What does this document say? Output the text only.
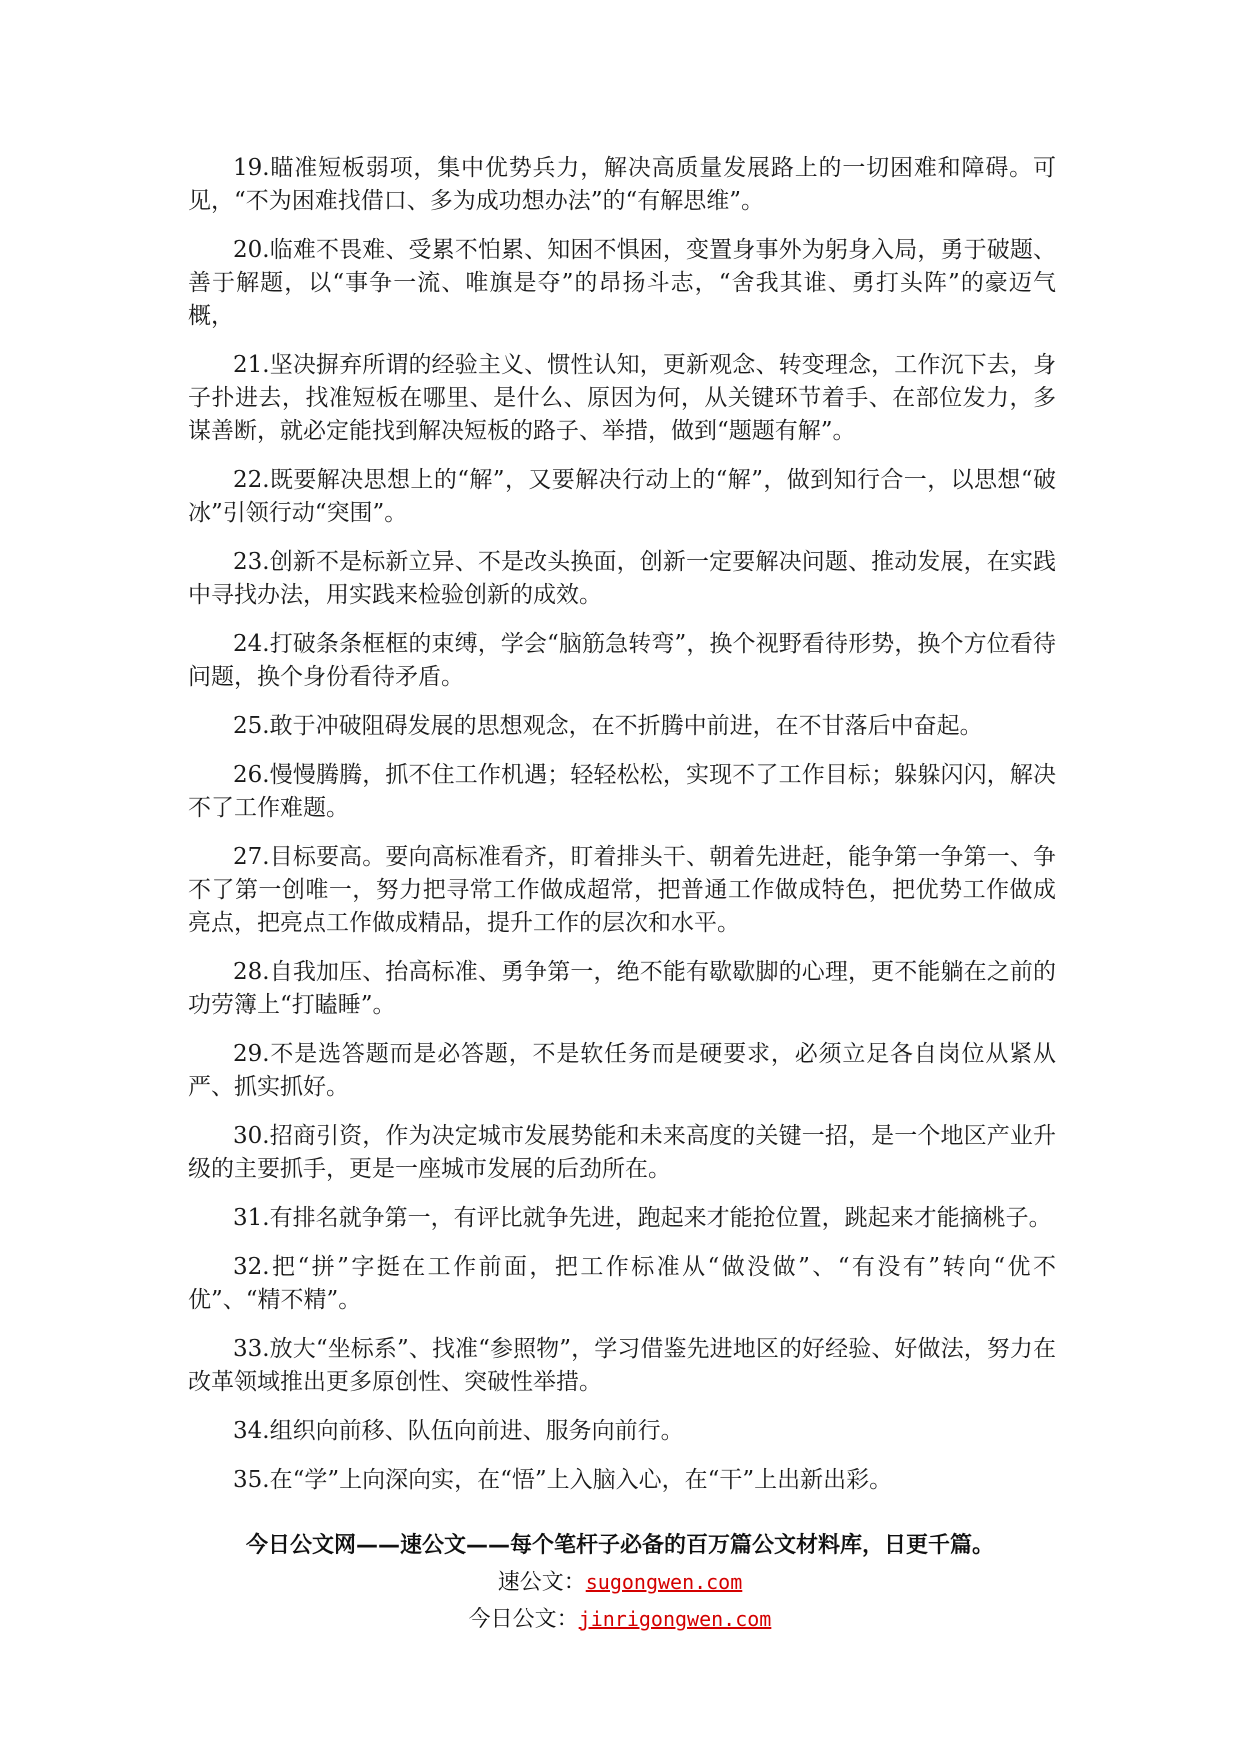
19.瞄准短板弱项，集中优势兵力，解决高质量发展路上的一切困难和障碍。可见，“不为困难找借口、多为成功想办法”的“有解思维”。

20.临难不畏难、受累不怕累、知困不惧困，变置身事外为躬身入局，勇于破题、善于解题，以“事争一流、唯旗是夺”的昂扬斗志，“舍我其谁、勇打头阵”的豪迈气概，

21.坚决摒弃所谓的经验主义、惯性认知，更新观念、转变理念，工作沉下去，身子扑进去，找准短板在哪里、是什么、原因为何，从关键环节着手、在部位发力，多谋善断，就必定能找到解决短板的路子、举措，做到“题题有解”。

22.既要解决思想上的“解”，又要解决行动上的“解”，做到知行合一，以思想“破冰”引领行动“突围”。

23.创新不是标新立异、不是改头换面，创新一定要解决问题、推动发展，在实践中寻找办法，用实践来检验创新的成效。

24.打破条条框框的束缚，学会“脑筋急转弯”，换个视野看待形势，换个方位看待问题，换个身份看待矛盾。

25.敢于冲破阻碍发展的思想观念，在不折腾中前进，在不甘落后中奋起。

26.慢慢腾腾，抓不住工作机遇；轻轻松松，实现不了工作目标；躲躲闪闪，解决不了工作难题。

27.目标要高。要向高标准看齐，盯着排头干、朝着先进赶，能争第一争第一、争不了第一创唯一，努力把寻常工作做成超常，把普通工作做成特色，把优势工作做成亮点，把亮点工作做成精品，提升工作的层次和水平。

28.自我加压、抬高标准、勇争第一，绝不能有歇歇脚的心理，更不能躺在之前的功劳簿上“打瞌睡”。

29.不是选答题而是必答题，不是软任务而是硬要求，必须立足各自岗位从紧从严、抓实抓好。

30.招商引资，作为决定城市发展势能和未来高度的关键一招，是一个地区产业升级的主要抓手，更是一座城市发展的后劲所在。

31.有排名就争第一，有评比就争先进，跑起来才能抢位置，跳起来才能摘桃子。

32.把“拼”字挺在工作前面，把工作标准从“做没做”、“有没有”转向“优不优”、“精不精”。

33.放大“坐标系”、找准“参照物”，学习借鉴先进地区的好经验、好做法，努力在改革领域推出更多原创性、突破性举措。

34.组织向前移、队伍向前进、服务向前行。

35.在“学”上向深向实，在“悟”上入脑入心，在“干”上出新出彩。

今日公文网——速公文——每个笔杆子必备的百万篇公文材料库，日更千篇。
速公文：sugongwen.com
今日公文：jinrigongwen.com
